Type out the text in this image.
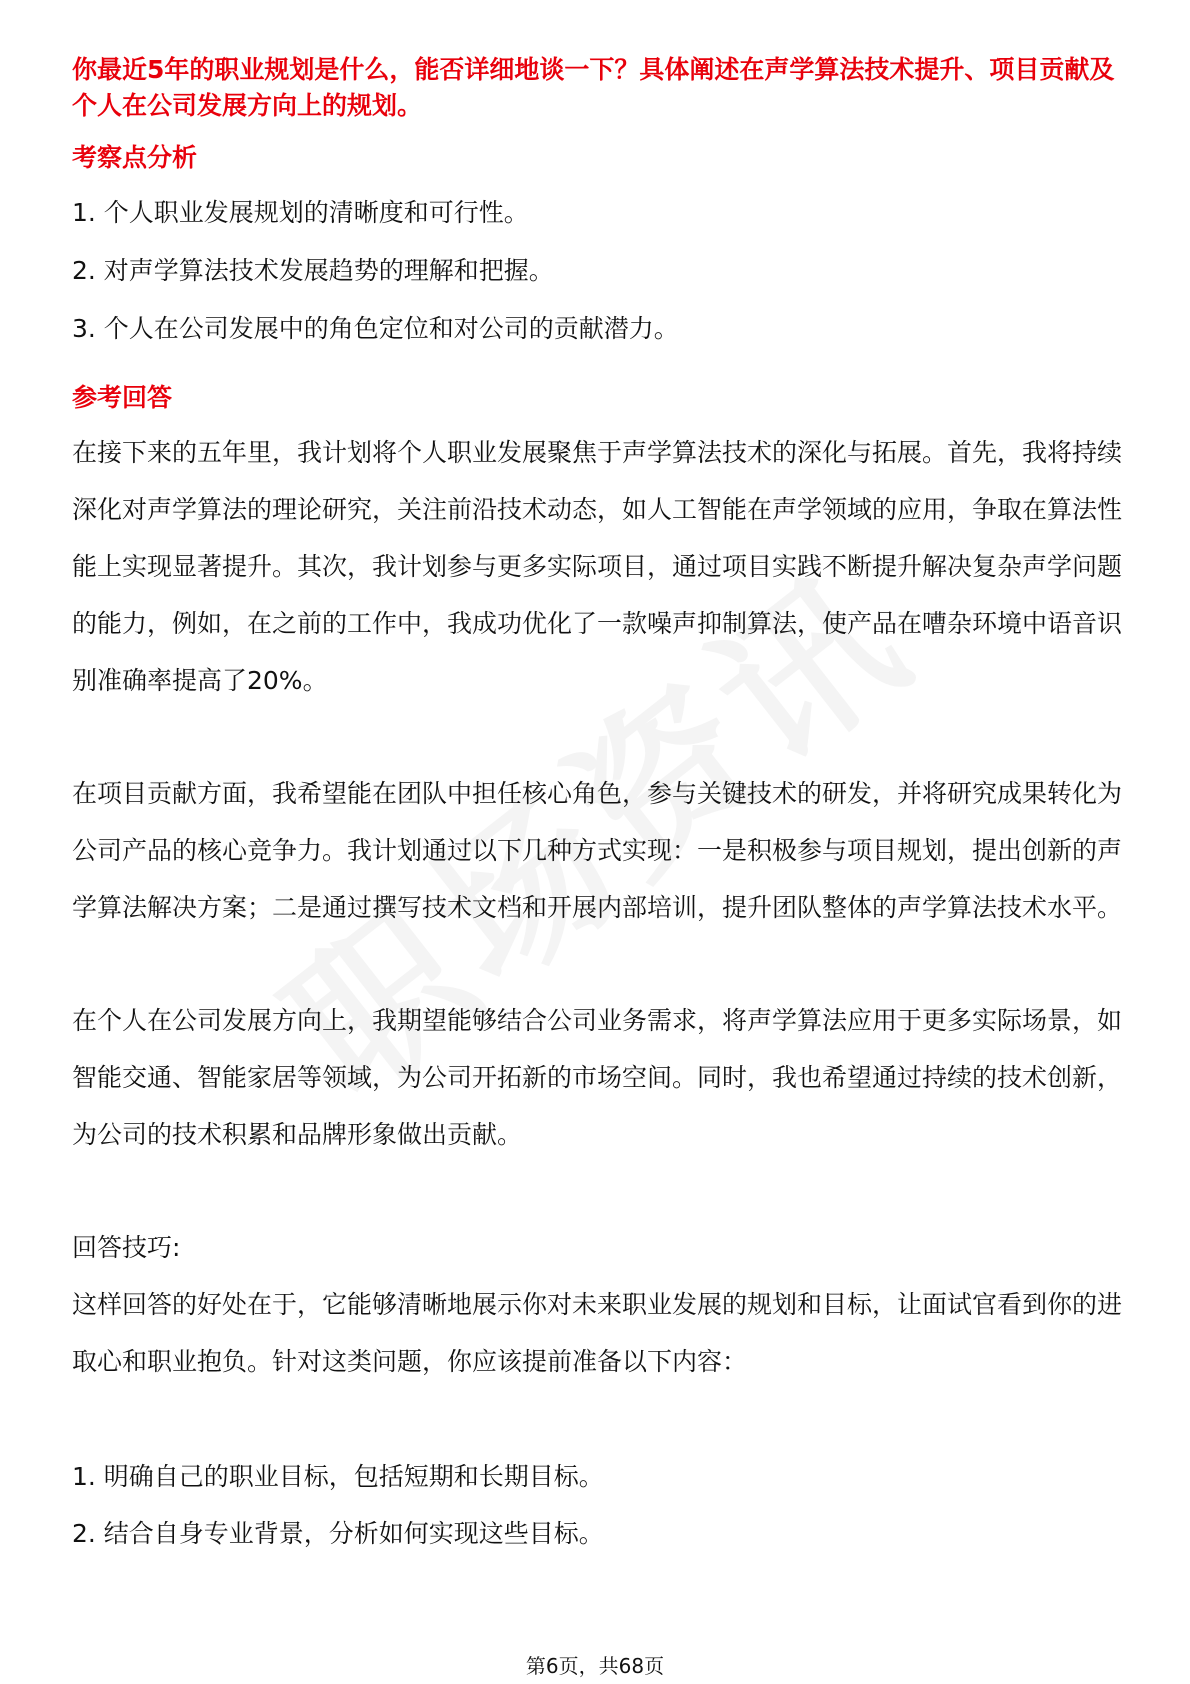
你最近5年的职业规划是什么，能否详细地谈一下？具体阐述在声学算法技术提升、项目贡献及个人在公司发展方向上的规划。

考察点分析

1. 个人职业发展规划的清晰度和可行性。
2. 对声学算法技术发展趋势的理解和把握。
3. 个人在公司发展中的角色定位和对公司的贡献潜力。

参考回答

在接下来的五年里，我计划将个人职业发展聚焦于声学算法技术的深化与拓展。首先，我将持续深化对声学算法的理论研究，关注前沿技术动态，如人工智能在声学领域的应用，争取在算法性能上实现显著提升。其次，我计划参与更多实际项目，通过项目实践不断提升解决复杂声学问题的能力，例如，在之前的工作中，我成功优化了一款噪声抑制算法，使产品在嘈杂环境中语音识别准确率提高了20%。

在项目贡献方面，我希望能在团队中担任核心角色，参与关键技术的研发，并将研究成果转化为公司产品的核心竞争力。我计划通过以下几种方式实现：一是积极参与项目规划，提出创新的声学算法解决方案；二是通过撰写技术文档和开展内部培训，提升团队整体的声学算法技术水平。

在个人在公司发展方向上，我期望能够结合公司业务需求，将声学算法应用于更多实际场景，如智能交通、智能家居等领域，为公司开拓新的市场空间。同时，我也希望通过持续的技术创新，为公司的技术积累和品牌形象做出贡献。

回答技巧:

这样回答的好处在于，它能够清晰地展示你对未来职业发展的规划和目标，让面试官看到你的进取心和职业抱负。针对这类问题，你应该提前准备以下内容：

1. 明确自己的职业目标，包括短期和长期目标。
2. 结合自身专业背景，分析如何实现这些目标。
第6页，共68页
